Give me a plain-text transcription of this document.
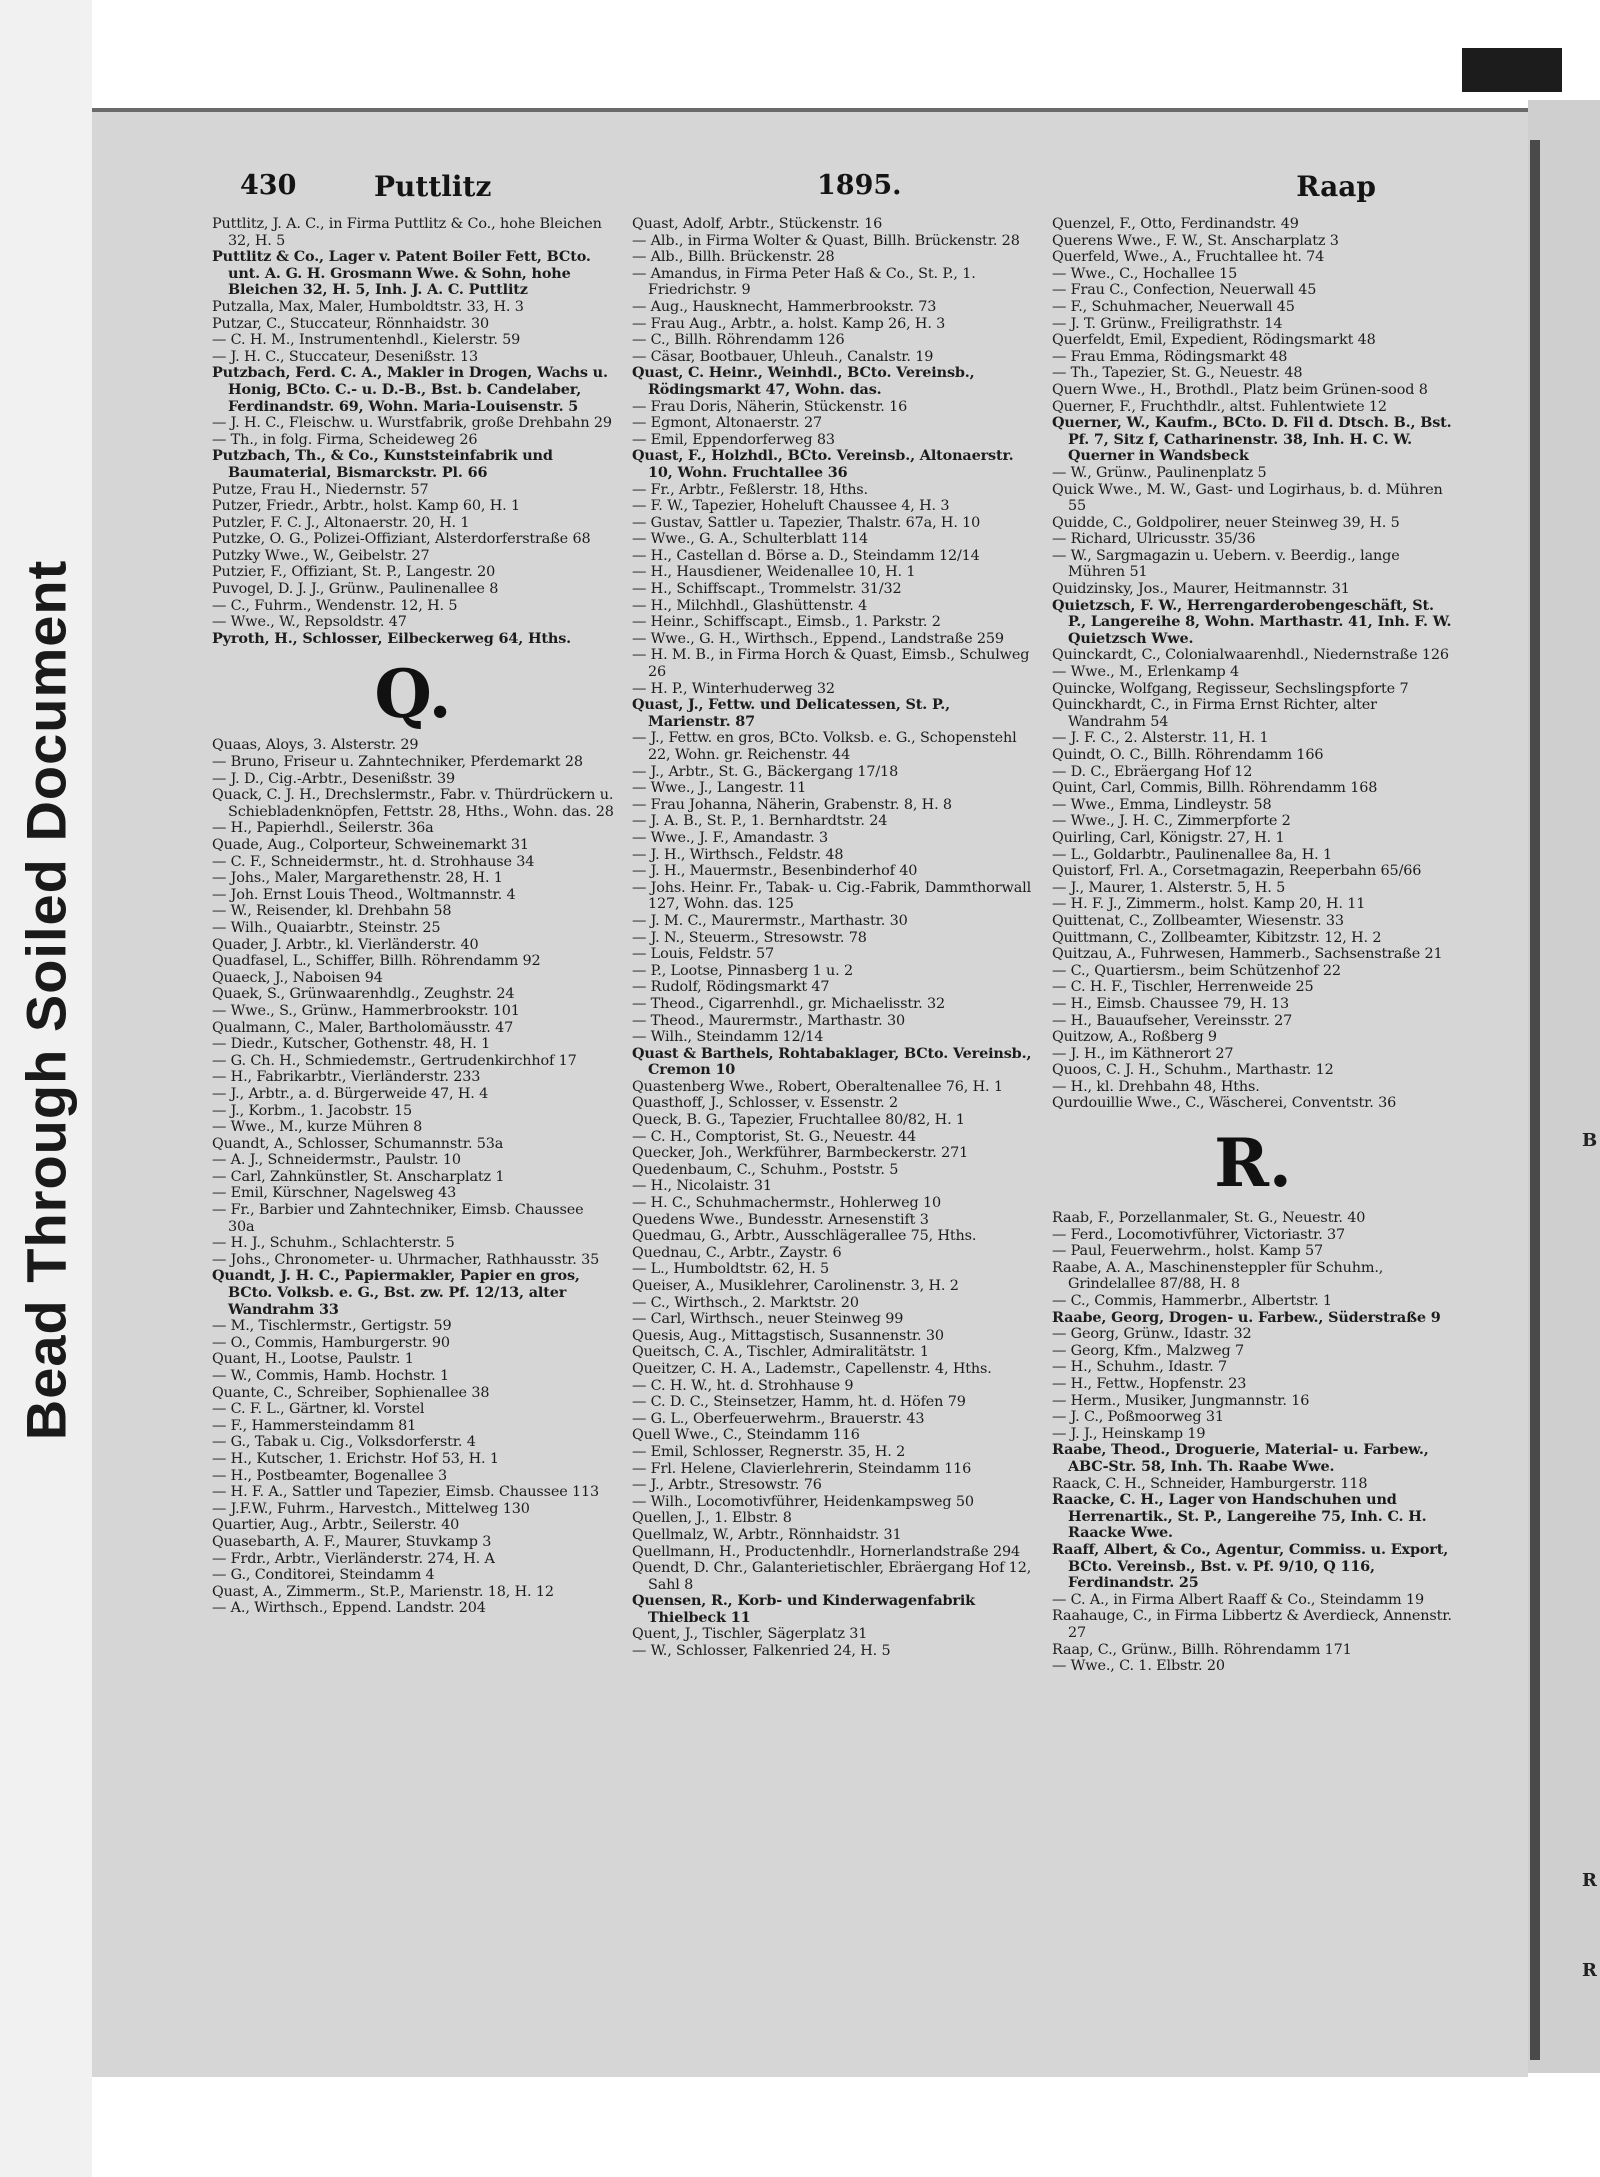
Bead Through Soiled Document	B
R
R
430	Puttlitz	1895.	Raap

Puttlitz, J. A. C., in Firma Puttlitz & Co., hohe Bleichen 32, H. 5

Puttlitz & Co., Lager v. Patent Boiler Fett, BCto. unt. A. G. H. Grosmann Wwe. & Sohn, hohe Bleichen 32, H. 5, Inh. J. A. C. Puttlitz

Putzalla, Max, Maler, Humboldtstr. 33, H. 3

Putzar, C., Stuccateur, Rönnhaidstr. 30

— C. H. M., Instrumentenhdl., Kielerstr. 59

— J. H. C., Stuccateur, Desenißstr. 13

Putzbach, Ferd. C. A., Makler in Drogen, Wachs u. Honig, BCto. C.- u. D.-B., Bst. b. Candelaber, Ferdinandstr. 69, Wohn. Maria-Louisenstr. 5

— J. H. C., Fleischw. u. Wurstfabrik, große Drehbahn 29

— Th., in folg. Firma, Scheideweg 26

Putzbach, Th., & Co., Kunststeinfabrik und Baumaterial, Bismarckstr. Pl. 66

Putze, Frau H., Niedernstr. 57

Putzer, Friedr., Arbtr., holst. Kamp 60, H. 1

Putzler, F. C. J., Altonaerstr. 20, H. 1

Putzke, O. G., Polizei-Offiziant, Alsterdorferstraße 68

Putzky Wwe., W., Geibelstr. 27

Putzier, F., Offiziant, St. P., Langestr. 20

Puvogel, D. J. J., Grünw., Paulinenallee 8

— C., Fuhrm., Wendenstr. 12, H. 5

— Wwe., W., Repsoldstr. 47

Pyroth, H., Schlosser, Eilbeckerweg 64, Hths.

Q.

Quaas, Aloys, 3. Alsterstr. 29

— Bruno, Friseur u. Zahntechniker, Pferdemarkt 28

— J. D., Cig.-Arbtr., Desenißstr. 39

Quack, C. J. H., Drechslermstr., Fabr. v. Thürdrückern u. Schiebladenknöpfen, Fettstr. 28, Hths., Wohn. das. 28

— H., Papierhdl., Seilerstr. 36a

Quade, Aug., Colporteur, Schweinemarkt 31

— C. F., Schneidermstr., ht. d. Strohhause 34

— Johs., Maler, Margarethenstr. 28, H. 1

— Joh. Ernst Louis Theod., Woltmannstr. 4

— W., Reisender, kl. Drehbahn 58

— Wilh., Quaiarbtr., Steinstr. 25

Quader, J. Arbtr., kl. Vierländerstr. 40

Quadfasel, L., Schiffer, Billh. Röhrendamm 92

Quaeck, J., Naboisen 94

Quaek, S., Grünwaarenhdlg., Zeughstr. 24

— Wwe., S., Grünw., Hammerbrookstr. 101

Qualmann, C., Maler, Bartholomäusstr. 47

— Diedr., Kutscher, Gothenstr. 48, H. 1

— G. Ch. H., Schmiedemstr., Gertrudenkirchhof 17

— H., Fabrikarbtr., Vierländerstr. 233

— J., Arbtr., a. d. Bürgerweide 47, H. 4

— J., Korbm., 1. Jacobstr. 15

— Wwe., M., kurze Mühren 8

Quandt, A., Schlosser, Schumannstr. 53a

— A. J., Schneidermstr., Paulstr. 10

— Carl, Zahnkünstler, St. Anscharplatz 1

— Emil, Kürschner, Nagelsweg 43

— Fr., Barbier und Zahntechniker, Eimsb. Chaussee 30a

— H. J., Schuhm., Schlachterstr. 5

— Johs., Chronometer- u. Uhrmacher, Rathhausstr. 35

Quandt, J. H. C., Papiermakler, Papier en gros, BCto. Volksb. e. G., Bst. zw. Pf. 12/13, alter Wandrahm 33

— M., Tischlermstr., Gertigstr. 59

— O., Commis, Hamburgerstr. 90

Quant, H., Lootse, Paulstr. 1

— W., Commis, Hamb. Hochstr. 1

Quante, C., Schreiber, Sophienallee 38

— C. F. L., Gärtner, kl. Vorstel

— F., Hammersteindamm 81

— G., Tabak u. Cig., Volksdorferstr. 4

— H., Kutscher, 1. Erichstr. Hof 53, H. 1

— H., Postbeamter, Bogenallee 3

— H. F. A., Sattler und Tapezier, Eimsb. Chaussee 113

— J.F.W., Fuhrm., Harvestch., Mittelweg 130

Quartier, Aug., Arbtr., Seilerstr. 40

Quasebarth, A. F., Maurer, Stuvkamp 3

— Frdr., Arbtr., Vierländerstr. 274, H. A

— G., Conditorei, Steindamm 4

Quast, A., Zimmerm., St.P., Marienstr. 18, H. 12

— A., Wirthsch., Eppend. Landstr. 204

Quast, Adolf, Arbtr., Stückenstr. 16

— Alb., in Firma Wolter & Quast, Billh. Brückenstr. 28

— Alb., Billh. Brückenstr. 28

— Amandus, in Firma Peter Haß & Co., St. P., 1. Friedrichstr. 9

— Aug., Hausknecht, Hammerbrookstr. 73

— Frau Aug., Arbtr., a. holst. Kamp 26, H. 3

— C., Billh. Röhrendamm 126

— Cäsar, Bootbauer, Uhleuh., Canalstr. 19

Quast, C. Heinr., Weinhdl., BCto. Vereinsb., Rödingsmarkt 47, Wohn. das.

— Frau Doris, Näherin, Stückenstr. 16

— Egmont, Altonaerstr. 27

— Emil, Eppendorferweg 83

Quast, F., Holzhdl., BCto. Vereinsb., Altonaerstr. 10, Wohn. Fruchtallee 36

— Fr., Arbtr., Feßlerstr. 18, Hths.

— F. W., Tapezier, Hoheluft Chaussee 4, H. 3

— Gustav, Sattler u. Tapezier, Thalstr. 67a, H. 10

— Wwe., G. A., Schulterblatt 114

— H., Castellan d. Börse a. D., Steindamm 12/14

— H., Hausdiener, Weidenallee 10, H. 1

— H., Schiffscapt., Trommelstr. 31/32

— H., Milchhdl., Glashüttenstr. 4

— Heinr., Schiffscapt., Eimsb., 1. Parkstr. 2

— Wwe., G. H., Wirthsch., Eppend., Landstraße 259

— H. M. B., in Firma Horch & Quast, Eimsb., Schulweg 26

— H. P., Winterhuderweg 32

Quast, J., Fettw. und Delicatessen, St. P., Marienstr. 87

— J., Fettw. en gros, BCto. Volksb. e. G., Schopenstehl 22, Wohn. gr. Reichenstr. 44

— J., Arbtr., St. G., Bäckergang 17/18

— Wwe., J., Langestr. 11

— Frau Johanna, Näherin, Grabenstr. 8, H. 8

— J. A. B., St. P., 1. Bernhardtstr. 24

— Wwe., J. F., Amandastr. 3

— J. H., Wirthsch., Feldstr. 48

— J. H., Mauermstr., Besenbinderhof 40

— Johs. Heinr. Fr., Tabak- u. Cig.-Fabrik, Dammthorwall 127, Wohn. das. 125

— J. M. C., Maurermstr., Marthastr. 30

— J. N., Steuerm., Stresowstr. 78

— Louis, Feldstr. 57

— P., Lootse, Pinnasberg 1 u. 2

— Rudolf, Rödingsmarkt 47

— Theod., Cigarrenhdl., gr. Michaelisstr. 32

— Theod., Maurermstr., Marthastr. 30

— Wilh., Steindamm 12/14

Quast & Barthels, Rohtabaklager, BCto. Vereinsb., Cremon 10

Quastenberg Wwe., Robert, Oberaltenallee 76, H. 1

Quasthoff, J., Schlosser, v. Essenstr. 2

Queck, B. G., Tapezier, Fruchtallee 80/82, H. 1

— C. H., Comptorist, St. G., Neuestr. 44

Quecker, Joh., Werkführer, Barmbeckerstr. 271

Quedenbaum, C., Schuhm., Poststr. 5

— H., Nicolaistr. 31

— H. C., Schuhmachermstr., Hohlerweg 10

Quedens Wwe., Bundesstr. Arnesenstift 3

Quedmau, G., Arbtr., Ausschlägerallee 75, Hths.

Quednau, C., Arbtr., Zaystr. 6

— L., Humboldtstr. 62, H. 5

Queiser, A., Musiklehrer, Carolinenstr. 3, H. 2

— C., Wirthsch., 2. Marktstr. 20

— Carl, Wirthsch., neuer Steinweg 99

Quesis, Aug., Mittagstisch, Susannenstr. 30

Queitsch, C. A., Tischler, Admiralitätstr. 1

Queitzer, C. H. A., Lademstr., Capellenstr. 4, Hths.

— C. H. W., ht. d. Strohhause 9

— C. D. C., Steinsetzer, Hamm, ht. d. Höfen 79

— G. L., Oberfeuerwehrm., Brauerstr. 43

Quell Wwe., C., Steindamm 116

— Emil, Schlosser, Regnerstr. 35, H. 2

— Frl. Helene, Clavierlehrerin, Steindamm 116

— J., Arbtr., Stresowstr. 76

— Wilh., Locomotivführer, Heidenkampsweg 50

Quellen, J., 1. Elbstr. 8

Quellmalz, W., Arbtr., Rönnhaidstr. 31

Quellmann, H., Productenhdlr., Hornerlandstraße 294

Quendt, D. Chr., Galanterietischler, Ebräergang Hof 12, Sahl 8

Quensen, R., Korb- und Kinderwagenfabrik Thielbeck 11

Quent, J., Tischler, Sägerplatz 31

— W., Schlosser, Falkenried 24, H. 5

Quenzel, F., Otto, Ferdinandstr. 49

Querens Wwe., F. W., St. Anscharplatz 3

Querfeld, Wwe., A., Fruchtallee ht. 74

— Wwe., C., Hochallee 15

— Frau C., Confection, Neuerwall 45

— F., Schuhmacher, Neuerwall 45

— J. T. Grünw., Freiligrathstr. 14

Querfeldt, Emil, Expedient, Rödingsmarkt 48

— Frau Emma, Rödingsmarkt 48

— Th., Tapezier, St. G., Neuestr. 48

Quern Wwe., H., Brothdl., Platz beim Grünen-sood 8

Querner, F., Fruchthdlr., altst. Fuhlentwiete 12

Querner, W., Kaufm., BCto. D. Fil d. Dtsch. B., Bst. Pf. 7, Sitz f, Catharinenstr. 38, Inh. H. C. W. Querner in Wandsbeck

— W., Grünw., Paulinenplatz 5

Quick Wwe., M. W., Gast- und Logirhaus, b. d. Mühren 55

Quidde, C., Goldpolirer, neuer Steinweg 39, H. 5

— Richard, Ulricusstr. 35/36

— W., Sargmagazin u. Uebern. v. Beerdig., lange Mühren 51

Quidzinsky, Jos., Maurer, Heitmannstr. 31

Quietzsch, F. W., Herrengarderobengeschäft, St. P., Langereihe 8, Wohn. Marthastr. 41, Inh. F. W. Quietzsch Wwe.

Quinckardt, C., Colonialwaarenhdl., Niedernstraße 126

— Wwe., M., Erlenkamp 4

Quincke, Wolfgang, Regisseur, Sechslingspforte 7

Quinckhardt, C., in Firma Ernst Richter, alter Wandrahm 54

— J. F. C., 2. Alsterstr. 11, H. 1

Quindt, O. C., Billh. Röhrendamm 166

— D. C., Ebräergang Hof 12

Quint, Carl, Commis, Billh. Röhrendamm 168

— Wwe., Emma, Lindleystr. 58

— Wwe., J. H. C., Zimmerpforte 2

Quirling, Carl, Königstr. 27, H. 1

— L., Goldarbtr., Paulinenallee 8a, H. 1

Quistorf, Frl. A., Corsetmagazin, Reeperbahn 65/66

— J., Maurer, 1. Alsterstr. 5, H. 5

— H. F. J., Zimmerm., holst. Kamp 20, H. 11

Quittenat, C., Zollbeamter, Wiesenstr. 33

Quittmann, C., Zollbeamter, Kibitzstr. 12, H. 2

Quitzau, A., Fuhrwesen, Hammerb., Sachsenstraße 21

— C., Quartiersm., beim Schützenhof 22

— C. H. F., Tischler, Herrenweide 25

— H., Eimsb. Chaussee 79, H. 13

— H., Bauaufseher, Vereinsstr. 27

Quitzow, A., Roßberg 9

— J. H., im Käthnerort 27

Quoos, C. J. H., Schuhm., Marthastr. 12

— H., kl. Drehbahn 48, Hths.

Qurdouillie Wwe., C., Wäscherei, Conventstr. 36

R.

Raab, F., Porzellanmaler, St. G., Neuestr. 40

— Ferd., Locomotivführer, Victoriastr. 37

— Paul, Feuerwehrm., holst. Kamp 57

Raabe, A. A., Maschinensteppler für Schuhm., Grindelallee 87/88, H. 8

— C., Commis, Hammerbr., Albertstr. 1

Raabe, Georg, Drogen- u. Farbew., Süderstraße 9

— Georg, Grünw., Idastr. 32

— Georg, Kfm., Malzweg 7

— H., Schuhm., Idastr. 7

— H., Fettw., Hopfenstr. 23

— Herm., Musiker, Jungmannstr. 16

— J. C., Poßmoorweg 31

— J. J., Heinskamp 19

Raabe, Theod., Droguerie, Material- u. Farbew., ABC-Str. 58, Inh. Th. Raabe Wwe.

Raack, C. H., Schneider, Hamburgerstr. 118

Raacke, C. H., Lager von Handschuhen und Herrenartik., St. P., Langereihe 75, Inh. C. H. Raacke Wwe.

Raaff, Albert, & Co., Agentur, Commiss. u. Export, BCto. Vereinsb., Bst. v. Pf. 9/10, Q 116, Ferdinandstr. 25

— C. A., in Firma Albert Raaff & Co., Steindamm 19

Raahauge, C., in Firma Libbertz & Averdieck, Annenstr. 27

Raap, C., Grünw., Billh. Röhrendamm 171

— Wwe., C. 1. Elbstr. 20
